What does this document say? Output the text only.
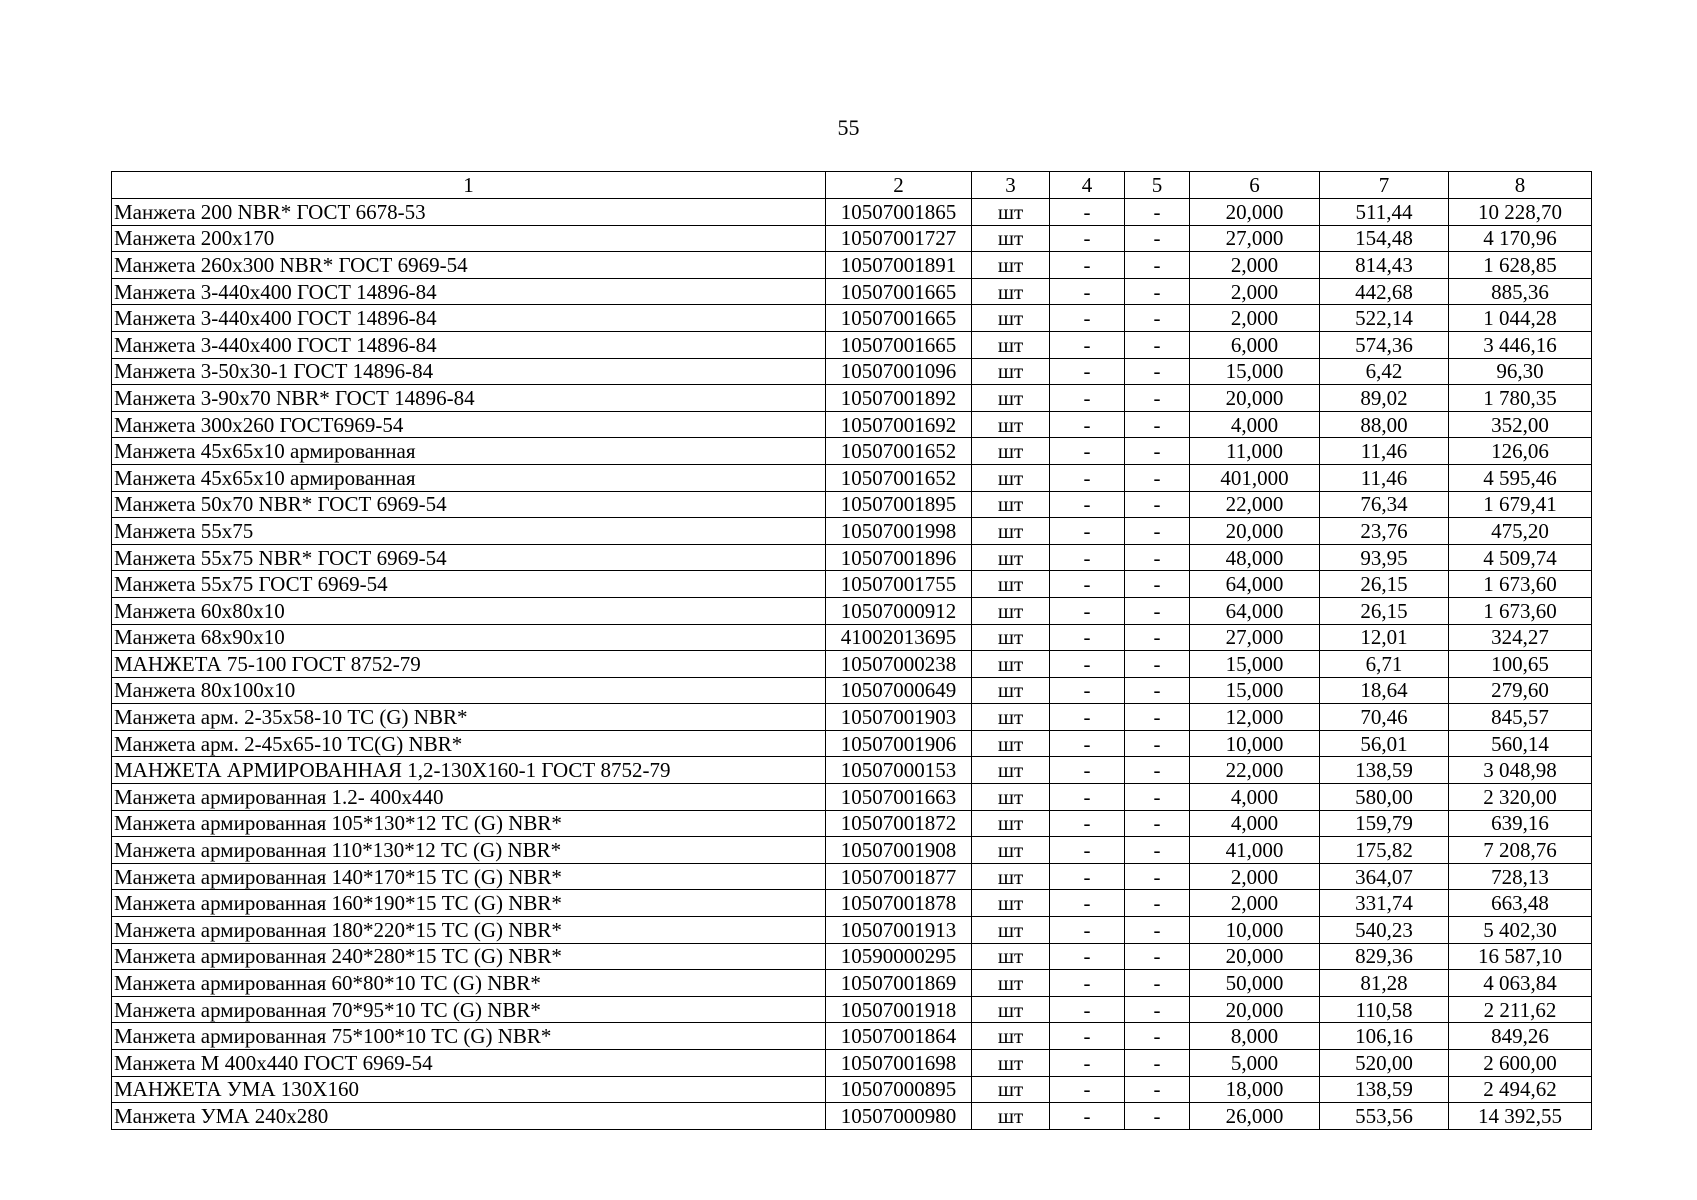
55
1	2	3	4	5	6	7	8
Манжета 200 NBR* ГОСТ 6678-53	10507001865	шт	-	-	20,000	511,44	10 228,70
Манжета 200х170	10507001727	шт	-	-	27,000	154,48	4 170,96
Манжета 260х300 NBR* ГОСТ 6969-54	10507001891	шт	-	-	2,000	814,43	1 628,85
Манжета 3-440х400 ГОСТ 14896-84	10507001665	шт	-	-	2,000	442,68	885,36
Манжета 3-440х400 ГОСТ 14896-84	10507001665	шт	-	-	2,000	522,14	1 044,28
Манжета 3-440х400 ГОСТ 14896-84	10507001665	шт	-	-	6,000	574,36	3 446,16
Манжета 3-50х30-1 ГОСТ 14896-84	10507001096	шт	-	-	15,000	6,42	96,30
Манжета 3-90х70 NBR* ГОСТ 14896-84	10507001892	шт	-	-	20,000	89,02	1 780,35
Манжета 300х260 ГОСТ6969-54	10507001692	шт	-	-	4,000	88,00	352,00
Манжета 45х65х10 армированная	10507001652	шт	-	-	11,000	11,46	126,06
Манжета 45х65х10 армированная	10507001652	шт	-	-	401,000	11,46	4 595,46
Манжета 50х70 NBR* ГОСТ 6969-54	10507001895	шт	-	-	22,000	76,34	1 679,41
Манжета 55х75	10507001998	шт	-	-	20,000	23,76	475,20
Манжета 55х75 NBR* ГОСТ 6969-54	10507001896	шт	-	-	48,000	93,95	4 509,74
Манжета 55х75 ГОСТ 6969-54	10507001755	шт	-	-	64,000	26,15	1 673,60
Манжета 60х80х10	10507000912	шт	-	-	64,000	26,15	1 673,60
Манжета 68х90х10	41002013695	шт	-	-	27,000	12,01	324,27
МАНЖЕТА 75-100 ГОСТ 8752-79	10507000238	шт	-	-	15,000	6,71	100,65
Манжета 80х100х10	10507000649	шт	-	-	15,000	18,64	279,60
Манжета арм. 2-35х58-10 ТС (G) NBR*	10507001903	шт	-	-	12,000	70,46	845,57
Манжета арм. 2-45х65-10 ТС(G) NBR*	10507001906	шт	-	-	10,000	56,01	560,14
МАНЖЕТА АРМИРОВАННАЯ 1,2-130Х160-1 ГОСТ 8752-79	10507000153	шт	-	-	22,000	138,59	3 048,98
Манжета армированная 1.2- 400х440	10507001663	шт	-	-	4,000	580,00	2 320,00
Манжета армированная 105*130*12 ТС (G) NBR*	10507001872	шт	-	-	4,000	159,79	639,16
Манжета армированная 110*130*12 ТС (G) NBR*	10507001908	шт	-	-	41,000	175,82	7 208,76
Манжета армированная 140*170*15 ТС (G) NBR*	10507001877	шт	-	-	2,000	364,07	728,13
Манжета армированная 160*190*15 ТС (G) NBR*	10507001878	шт	-	-	2,000	331,74	663,48
Манжета армированная 180*220*15 ТС (G) NBR*	10507001913	шт	-	-	10,000	540,23	5 402,30
Манжета армированная 240*280*15 ТС (G) NBR*	10590000295	шт	-	-	20,000	829,36	16 587,10
Манжета армированная 60*80*10 ТС (G) NBR*	10507001869	шт	-	-	50,000	81,28	4 063,84
Манжета армированная 70*95*10 ТС (G) NBR*	10507001918	шт	-	-	20,000	110,58	2 211,62
Манжета армированная 75*100*10 ТС (G) NBR*	10507001864	шт	-	-	8,000	106,16	849,26
Манжета М 400х440 ГОСТ 6969-54	10507001698	шт	-	-	5,000	520,00	2 600,00
МАНЖЕТА УМА 130Х160	10507000895	шт	-	-	18,000	138,59	2 494,62
Манжета УМА 240х280	10507000980	шт	-	-	26,000	553,56	14 392,55
